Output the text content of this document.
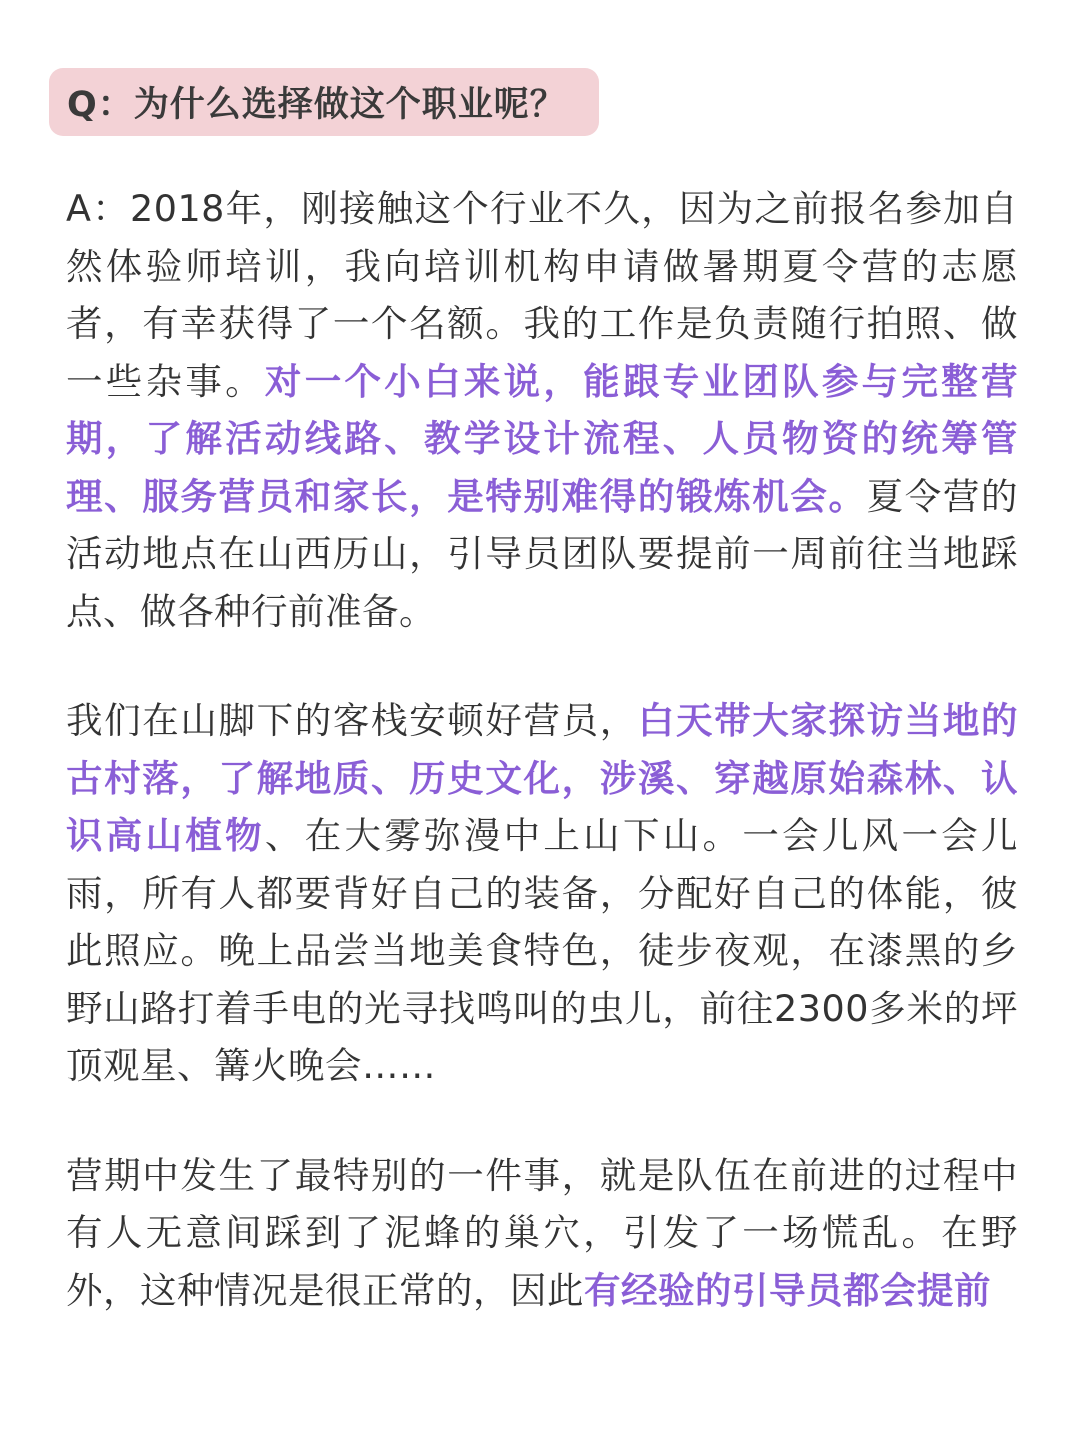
Q：为什么选择做这个职业呢？

A：2018年，刚接触这个行业不久，因为之前报名参加自然体验师培训，我向培训机构申请做暑期夏令营的志愿者，有幸获得了一个名额。我的工作是负责随行拍照、做一些杂事。对一个小白来说，能跟专业团队参与完整营期，了解活动线路、教学设计流程、人员物资的统筹管理、服务营员和家长，是特别难得的锻炼机会。夏令营的活动地点在山西历山，引导员团队要提前一周前往当地踩点、做各种行前准备。

我们在山脚下的客栈安顿好营员，白天带大家探访当地的古村落，了解地质、历史文化，涉溪、穿越原始森林、认识高山植物、在大雾弥漫中上山下山。一会儿风一会儿雨，所有人都要背好自己的装备，分配好自己的体能，彼此照应。晚上品尝当地美食特色，徒步夜观，在漆黑的乡野山路打着手电的光寻找鸣叫的虫儿，前往2300多米的坪顶观星、篝火晚会……

营期中发生了最特别的一件事，就是队伍在前进的过程中有人无意间踩到了泥蜂的巢穴，引发了一场慌乱。在野外，这种情况是很正常的，因此有经验的引导员都会提前
